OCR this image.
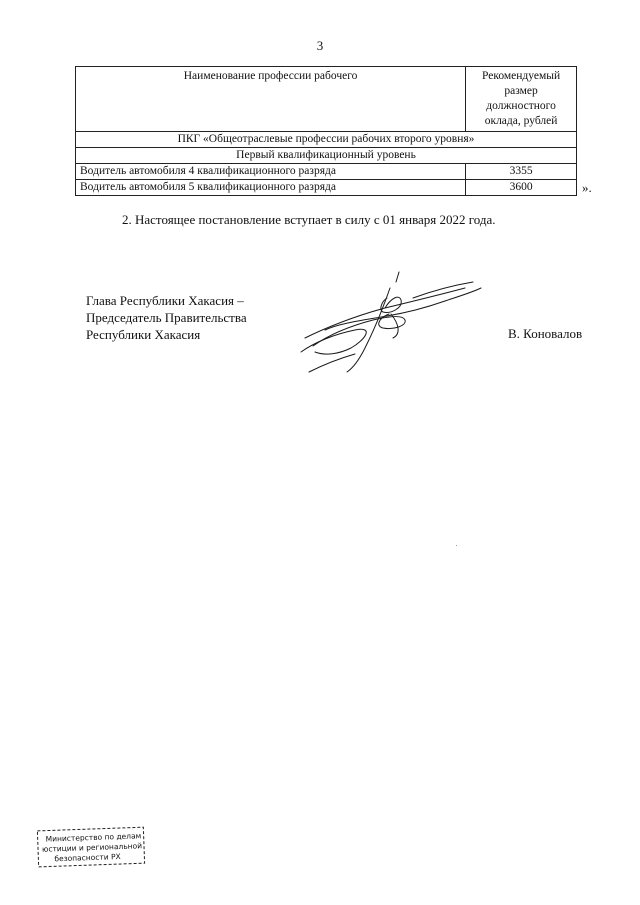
3
Наименование профессии рабочего	Рекомендуемый
размер
должностного
оклада, рублей

ПКГ «Общеотраслевые профессии рабочих второго уровня»	
Первый квалификационный уровень	
Водитель автомобиля 4 квалификационного разряда	3355
Водитель автомобиля 5 квалификационного разряда	3600	».
2. Настоящее постановление вступает в силу с 01 января 2022 года.
Глава Республики Хакасия –
Председатель Правительства
Республики Хакасия	В. Коновалов
Министерство по делам
юстиции и региональной
безопасности РХ
